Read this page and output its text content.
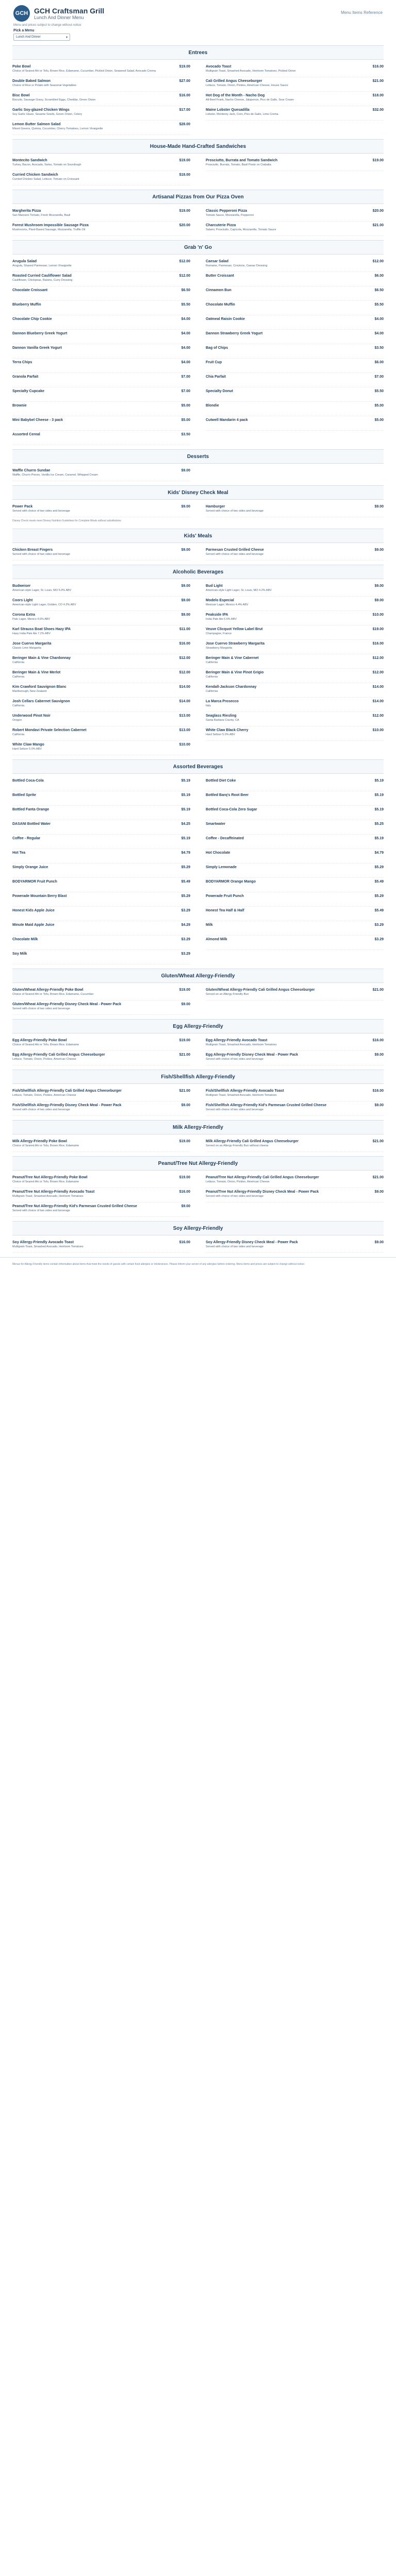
GCH GCH Craftsman Grill
Lunch And Dinner Menu
Menu Items Reference
Menu and prices subject to change without notice
Pick a Menu
Lunch And Dinner	▾
Entrees
Poke Bowl	$19.00
Choice of Seared Ahi or Tofu, Brown Rice, Edamame, Cucumber, Pickled Onion, Seaweed Salad, Avocado Crema
Avocado Toast	$16.00
Multigrain Toast, Smashed Avocado, Heirloom Tomatoes, Pickled Onion
Double Baked Salmon	$27.00
Choice of Rice or Potato with Seasonal Vegetables
Cali Grilled Angus Cheeseburger	$21.00
Lettuce, Tomato, Onion, Pickles, American Cheese, House Sauce
Bisc Bowl	$16.00
Biscuits, Sausage Gravy, Scrambled Eggs, Cheddar, Green Onion
Hot Dog of the Month - Nacho Dog	$18.00
All-Beef Frank, Nacho Cheese, Jalapenos, Pico de Gallo, Sour Cream
Garlic Soy-glazed Chicken Wings	$17.00
Soy Garlic Glaze, Sesame Seeds, Green Onion, Celery
Maine Lobster Quesadilla	$32.00
Lobster, Monterey Jack, Corn, Pico de Gallo, Lime Crema
Lemon Butter Salmon Salad	$28.00
Mixed Greens, Quinoa, Cucumber, Cherry Tomatoes, Lemon Vinaigrette
House-Made Hand-Crafted Sandwiches
Montecito Sandwich	$19.00
Turkey, Bacon, Avocado, Swiss, Tomato on Sourdough
Prosciutto, Burrata and Tomato Sandwich	$19.00
Prosciutto, Burrata, Tomato, Basil Pesto on Ciabatta
Curried Chicken Sandwich	$18.00
Curried Chicken Salad, Lettuce, Tomato on Croissant
Artisanal Pizzas from Our Pizza Oven
Margherita Pizza	$19.00
San Marzano Tomato, Fresh Mozzarella, Basil
Classic Pepperoni Pizza	$20.00
Tomato Sauce, Mozzarella, Pepperoni
Forest Mushroom Impossible Sausage Pizza	$20.00
Mushrooms, Plant-Based Sausage, Mozzarella, Truffle Oil
Charcuterie Pizza	$21.00
Salami, Prosciutto, Capicola, Mozzarella, Tomato Sauce
Grab 'n' Go
Arugula Salad	$12.00
Arugula, Shaved Parmesan, Lemon Vinaigrette
Caesar Salad	$12.00
Romaine, Parmesan, Croutons, Caesar Dressing
Roasted Curried Cauliflower Salad	$12.00
Cauliflower, Chickpeas, Raisins, Curry Dressing
Butter Croissant	$6.00
Chocolate Croissant	$6.50	Cinnamon Bun	$6.50
Blueberry Muffin	$5.50	Chocolate Muffin	$5.50
Chocolate Chip Cookie	$4.00	Oatmeal Raisin Cookie	$4.00
Dannon Blueberry Greek Yogurt	$4.00	Dannon Strawberry Greek Yogurt	$4.00
Dannon Vanilla Greek Yogurt	$4.00	Bag of Chips	$3.50
Terra Chips	$4.00	Fruit Cup	$6.00
Granola Parfait	$7.00	Chia Parfait	$7.00
Specialty Cupcake	$7.00	Specialty Donut	$5.50
Brownie	$5.00	Blondie	$5.00
Mini Babybel Cheese - 3 pack	$5.00	Cutwell Mandarin 4 pack	$5.00
Assorted Cereal	$3.50
Desserts
Waffle Churro Sundae	$9.00
Waffle, Churro Pieces, Vanilla Ice Cream, Caramel, Whipped Cream
Kids' Disney Check Meal
Power Pack	$9.00
Served with choice of two sides and beverage
Hamburger	$9.00
Served with choice of two sides and beverage
Disney Check meals meet Disney Nutrition Guidelines for Complete Meals without substitutions
Kids' Meals
Chicken Breast Fingers	$9.00
Served with choice of two sides and beverage
Parmesan Crusted Grilled Cheese	$9.00
Served with choice of two sides and beverage
Alcoholic Beverages
Budweiser	$9.00
American-style Lager, St. Louis, MO 5.0% ABV
Bud Light	$9.00
American-style Light Lager, St. Louis, MO 4.2% ABV
Coors Light	$9.00
American-style Light Lager, Golden, CO 4.2% ABV
Modelo Especial	$9.00
Mexican Lager, Mexico 4.4% ABV
Corona Extra	$9.00
Pale Lager, Mexico 4.6% ABV
Peakside IPA	$10.00
India Pale Ale 6.5% ABV
Karl Strauss Boat Shoes Hazy IPA	$11.00
Hazy India Pale Ale 7.2% ABV
Veuve Clicquot Yellow Label Brut	$19.00
Champagne, France
Jose Cuervo Margarita	$16.00
Classic Lime Margarita
Jose Cuervo Strawberry Margarita	$16.00
Strawberry Margarita
Beringer Main & Vine Chardonnay	$12.00
California
Beringer Main & Vine Cabernet	$12.00
California
Beringer Main & Vine Merlot	$12.00
California
Beringer Main & Vine Pinot Grigio	$12.00
California
Kim Crawford Sauvignon Blanc	$14.00
Marlborough, New Zealand
Kendall-Jackson Chardonnay	$14.00
California
Josh Cellars Cabernet Sauvignon	$14.00
California
La Marca Prosecco	$14.00
Italy
Underwood Pinot Noir	$13.00
Oregon
Seaglass Riesling	$12.00
Santa Barbara County, CA
Robert Mondavi Private Selection Cabernet	$13.00
California
White Claw Black Cherry	$10.00
Hard Seltzer 5.0% ABV
White Claw Mango	$10.00
Hard Seltzer 5.0% ABV
Assorted Beverages
Bottled Coca-Cola	$5.19	Bottled Diet Coke	$5.19
Bottled Sprite	$5.19	Bottled Barq's Root Beer	$5.19
Bottled Fanta Orange	$5.19	Bottled Coca-Cola Zero Sugar	$5.19
DASANI Bottled Water	$4.25	Smartwater	$5.25
Coffee - Regular	$5.19	Coffee - Decaffeinated	$5.19
Hot Tea	$4.79	Hot Chocolate	$4.79
Simply Orange Juice	$5.29	Simply Lemonade	$5.29
BODYARMOR Fruit Punch	$5.49	BODYARMOR Orange Mango	$5.49
Powerade Mountain Berry Blast	$5.29	Powerade Fruit Punch	$5.29
Honest Kids Apple Juice	$3.29	Honest Tea Half & Half	$5.49
Minute Maid Apple Juice	$4.29	Milk	$3.29
Chocolate Milk	$3.29	Almond Milk	$3.29
Soy Milk	$3.29
Gluten/Wheat Allergy-Friendly
Gluten/Wheat Allergy-Friendly Poke Bowl	$19.00
Choice of Seared Ahi or Tofu, Brown Rice, Edamame, Cucumber
Gluten/Wheat Allergy-Friendly Cali Grilled Angus Cheeseburger	$21.00
Served on an Allergy-Friendly Bun
Gluten/Wheat Allergy-Friendly Disney Check Meal - Power Pack	$9.00
Served with choice of two sides and beverage
Egg Allergy-Friendly
Egg Allergy-Friendly Poke Bowl	$19.00
Choice of Seared Ahi or Tofu, Brown Rice, Edamame
Egg Allergy-Friendly Avocado Toast	$16.00
Multigrain Toast, Smashed Avocado, Heirloom Tomatoes
Egg Allergy-Friendly Cali Grilled Angus Cheeseburger	$21.00
Lettuce, Tomato, Onion, Pickles, American Cheese
Egg Allergy-Friendly Disney Check Meal - Power Pack	$9.00
Served with choice of two sides and beverage
Fish/Shellfish Allergy-Friendly
Fish/Shellfish Allergy-Friendly Cali Grilled Angus Cheeseburger	$21.00
Lettuce, Tomato, Onion, Pickles, American Cheese
Fish/Shellfish Allergy-Friendly Avocado Toast	$16.00
Multigrain Toast, Smashed Avocado, Heirloom Tomatoes
Fish/Shellfish Allergy-Friendly Disney Check Meal - Power Pack	$9.00
Served with choice of two sides and beverage
Fish/Shellfish Allergy-Friendly Kid's Parmesan Crusted Grilled Cheese	$9.00
Served with choice of two sides and beverage
Milk Allergy-Friendly
Milk Allergy-Friendly Poke Bowl	$19.00
Choice of Seared Ahi or Tofu, Brown Rice, Edamame
Milk Allergy-Friendly Cali Grilled Angus Cheeseburger	$21.00
Served on an Allergy-Friendly Bun without cheese
Peanut/Tree Nut Allergy-Friendly
Peanut/Tree Nut Allergy-Friendly Poke Bowl	$19.00
Choice of Seared Ahi or Tofu, Brown Rice, Edamame
Peanut/Tree Nut Allergy-Friendly Cali Grilled Angus Cheeseburger	$21.00
Lettuce, Tomato, Onion, Pickles, American Cheese
Peanut/Tree Nut Allergy-Friendly Avocado Toast	$16.00
Multigrain Toast, Smashed Avocado, Heirloom Tomatoes
Peanut/Tree Nut Allergy-Friendly Disney Check Meal - Power Pack	$9.00
Served with choice of two sides and beverage
Peanut/Tree Nut Allergy-Friendly Kid's Parmesan Crusted Grilled Cheese	$9.00
Served with choice of two sides and beverage
Soy Allergy-Friendly
Soy Allergy-Friendly Avocado Toast	$16.00
Multigrain Toast, Smashed Avocado, Heirloom Tomatoes
Soy Allergy-Friendly Disney Check Meal - Power Pack	$9.00
Served with choice of two sides and beverage
Menus for Allergy-Friendly items contain information about items that meet the needs of guests with certain food allergies or intolerances. Please inform your server of any allergies before ordering. Menu items and prices are subject to change without notice.
